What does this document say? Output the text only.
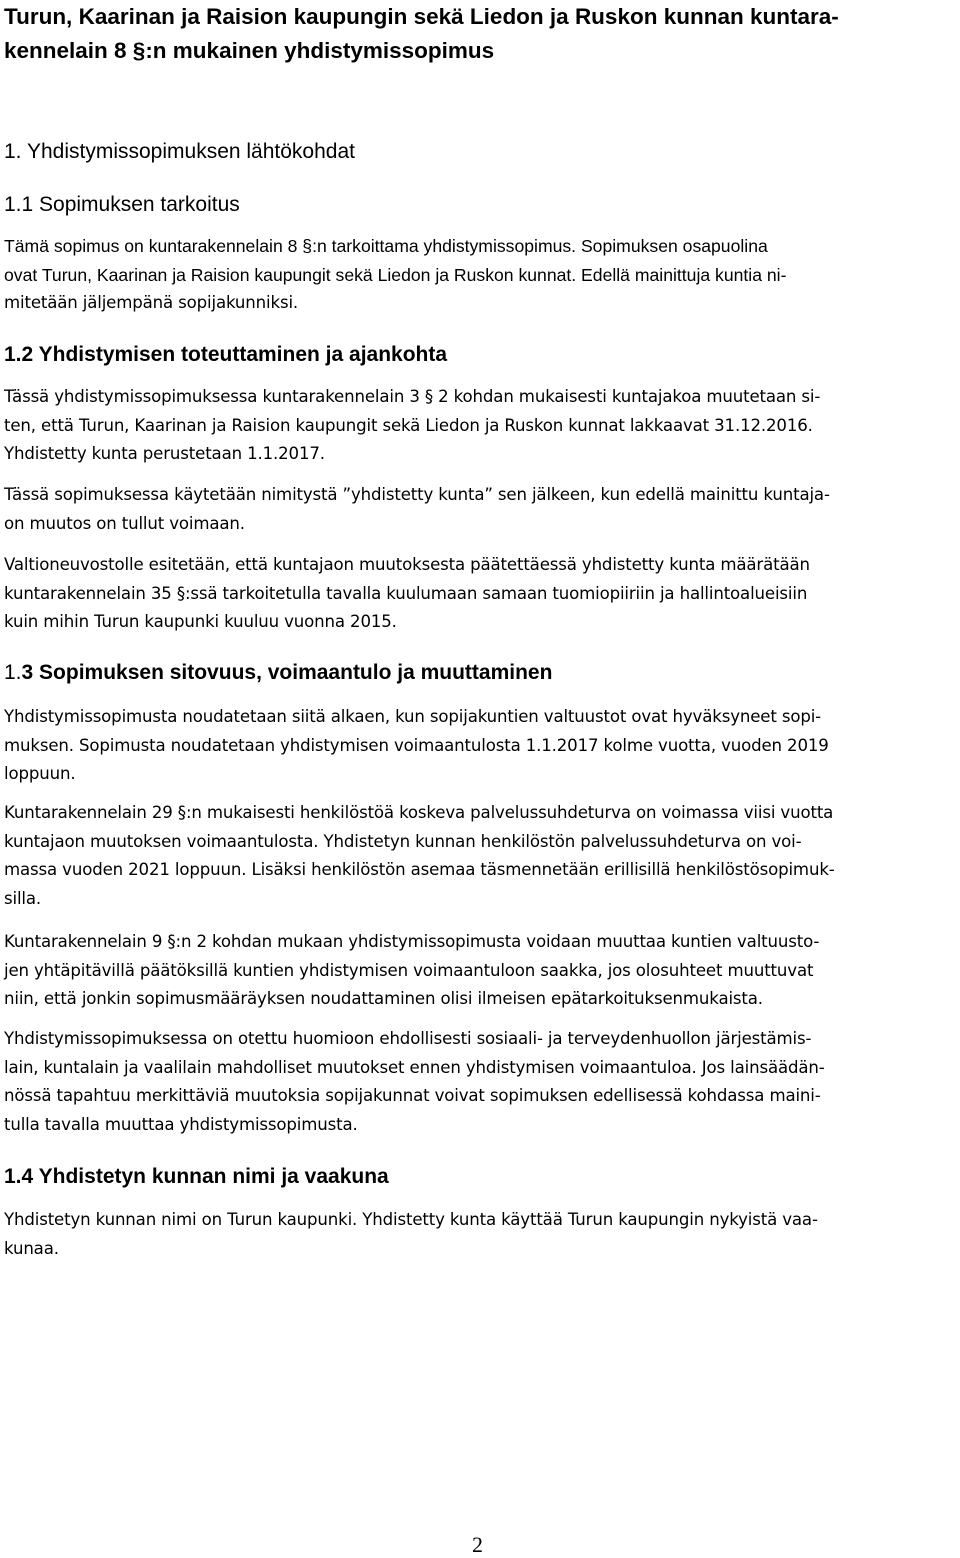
Turun, Kaarinan ja Raision kaupungin sekä Liedon ja Ruskon kunnan kuntara-
kennelain 8 §:n mukainen yhdistymissopimus
1. Yhdistymissopimuksen lähtökohdat
1.1 Sopimuksen tarkoitus

Tämä sopimus on kuntarakennelain 8 §:n tarkoittama yhdistymissopimus. Sopimuksen osapuolina
ovat Turun, Kaarinan ja Raision kaupungit sekä Liedon ja Ruskon kunnat. Edellä mainittuja kuntia ni-
mitetään jäljempänä sopijakunniksi.

1.2 Yhdistymisen toteuttaminen ja ajankohta

Tässä yhdistymissopimuksessa kuntarakennelain 3 § 2 kohdan mukaisesti kuntajakoa muutetaan si-
ten, että Turun, Kaarinan ja Raision kaupungit sekä Liedon ja Ruskon kunnat lakkaavat 31.12.2016.
Yhdistetty kunta perustetaan 1.1.2017.

Tässä sopimuksessa käytetään nimitystä ”yhdistetty kunta” sen jälkeen, kun edellä mainittu kuntaja-
on muutos on tullut voimaan.

Valtioneuvostolle esitetään, että kuntajaon muutoksesta päätettäessä yhdistetty kunta määrätään
kuntarakennelain 35 §:ssä tarkoitetulla tavalla kuulumaan samaan tuomiopiiriin ja hallintoalueisiin
kuin mihin Turun kaupunki kuuluu vuonna 2015.

1.3 Sopimuksen sitovuus, voimaantulo ja muuttaminen

Yhdistymissopimusta noudatetaan siitä alkaen, kun sopijakuntien valtuustot ovat hyväksyneet sopi-
muksen. Sopimusta noudatetaan yhdistymisen voimaantulosta 1.1.2017 kolme vuotta, vuoden 2019
loppuun.

Kuntarakennelain 29 §:n mukaisesti henkilöstöä koskeva palvelussuhdeturva on voimassa viisi vuotta
kuntajaon muutoksen voimaantulosta. Yhdistetyn kunnan henkilöstön palvelussuhdeturva on voi-
massa vuoden 2021 loppuun. Lisäksi henkilöstön asemaa täsmennetään erillisillä henkilöstösopimuk-
silla.

Kuntarakennelain 9 §:n 2 kohdan mukaan yhdistymissopimusta voidaan muuttaa kuntien valtuusto-
jen yhtäpitävillä päätöksillä kuntien yhdistymisen voimaantuloon saakka, jos olosuhteet muuttuvat
niin, että jonkin sopimusmääräyksen noudattaminen olisi ilmeisen epätarkoituksenmukaista.

Yhdistymissopimuksessa on otettu huomioon ehdollisesti sosiaali- ja terveydenhuollon järjestämis-
lain, kuntalain ja vaalilain mahdolliset muutokset ennen yhdistymisen voimaantuloa. Jos lainsäädän-
nössä tapahtuu merkittäviä muutoksia sopijakunnat voivat sopimuksen edellisessä kohdassa maini-
tulla tavalla muuttaa yhdistymissopimusta.

1.4 Yhdistetyn kunnan nimi ja vaakuna

Yhdistetyn kunnan nimi on Turun kaupunki. Yhdistetty kunta käyttää Turun kaupungin nykyistä vaa-
kunaa.

2
